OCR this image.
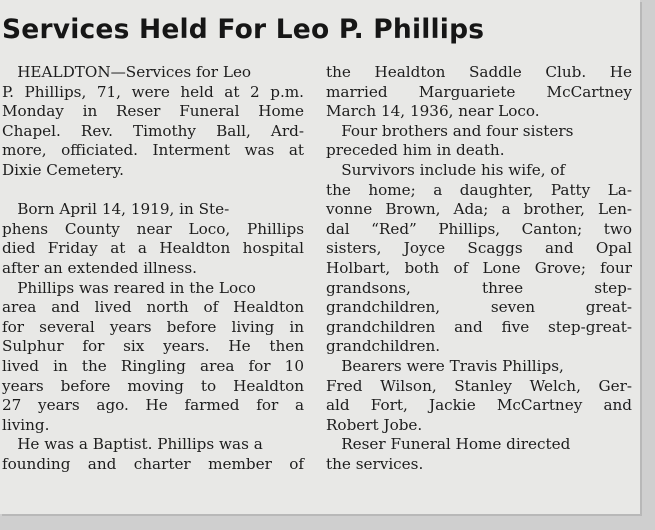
Services Held For Leo P. Phillips
 HEALDTON—Services for Leo
P. Phillips, 71, were held at 2 p.m.
Monday in Reser Funeral Home
Chapel. Rev. Timothy Ball, Ard-
more, officiated. Interment was at
Dixie Cemetery.
 Born April 14, 1919, in Ste-
phens County near Loco, Phillips
died Friday at a Healdton hospital
after an extended illness.
 Phillips was reared in the Loco
area and lived north of Healdton
for several years before living in
Sulphur for six years. He then
lived in the Ringling area for 10
years before moving to Healdton
27 years ago. He farmed for a
living.
 He was a Baptist. Phillips was a
founding and charter member of
the Healdton Saddle Club. He
married Marguariete McCartney
March 14, 1936, near Loco.
 Four brothers and four sisters
preceded him in death.
 Survivors include his wife, of
the home; a daughter, Patty La-
vonne Brown, Ada; a brother, Len-
dal “Red” Phillips, Canton; two
sisters, Joyce Scaggs and Opal
Holbart, both of Lone Grove; four
grandsons, three step-
grandchildren, seven great-
grandchildren and five step-great-
grandchildren.
 Bearers were Travis Phillips,
Fred Wilson, Stanley Welch, Ger-
ald Fort, Jackie McCartney and
Robert Jobe.
 Reser Funeral Home directed
the services.
